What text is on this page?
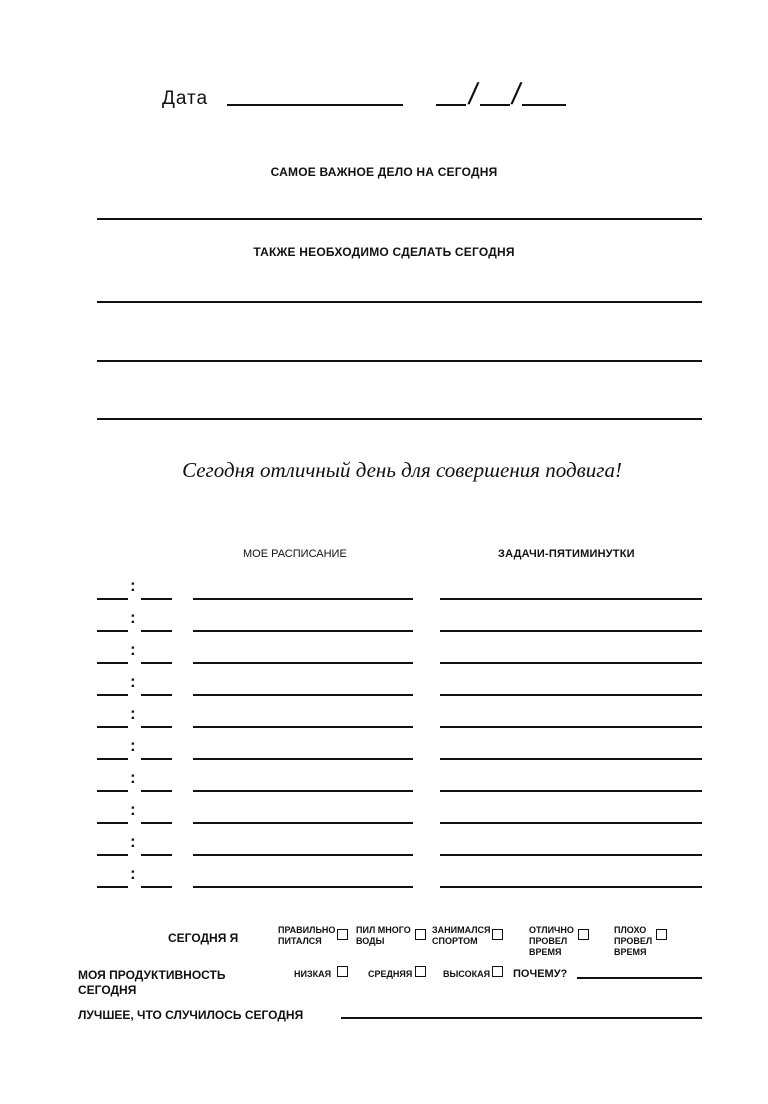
Дата	/ /
САМОЕ ВАЖНОЕ ДЕЛО НА СЕГОДНЯ
ТАКЖЕ НЕОБХОДИМО СДЕЛАТЬ СЕГОДНЯ
Сегодня отличный день для совершения подвига!
МОЕ РАСПИСАНИЕ	ЗАДАЧИ-ПЯТИМИНУТКИ
:
:
:
:
:
:
:
:
:
:
СЕГОДНЯ Я
ПРАВИЛЬНО ПИТАЛСЯ
ПИЛ МНОГО ВОДЫ
ЗАНИМАЛСЯ СПОРТОМ
ОТЛИЧНО ПРОВЕЛ ВРЕМЯ
ПЛОХО ПРОВЕЛ ВРЕМЯ
МОЯ ПРОДУКТИВНОСТЬ СЕГОДНЯ
НИЗКАЯ	СРЕДНЯЯ	ВЫСОКАЯ ПОЧЕМУ?
ЛУЧШЕЕ, ЧТО СЛУЧИЛОСЬ СЕГОДНЯ
